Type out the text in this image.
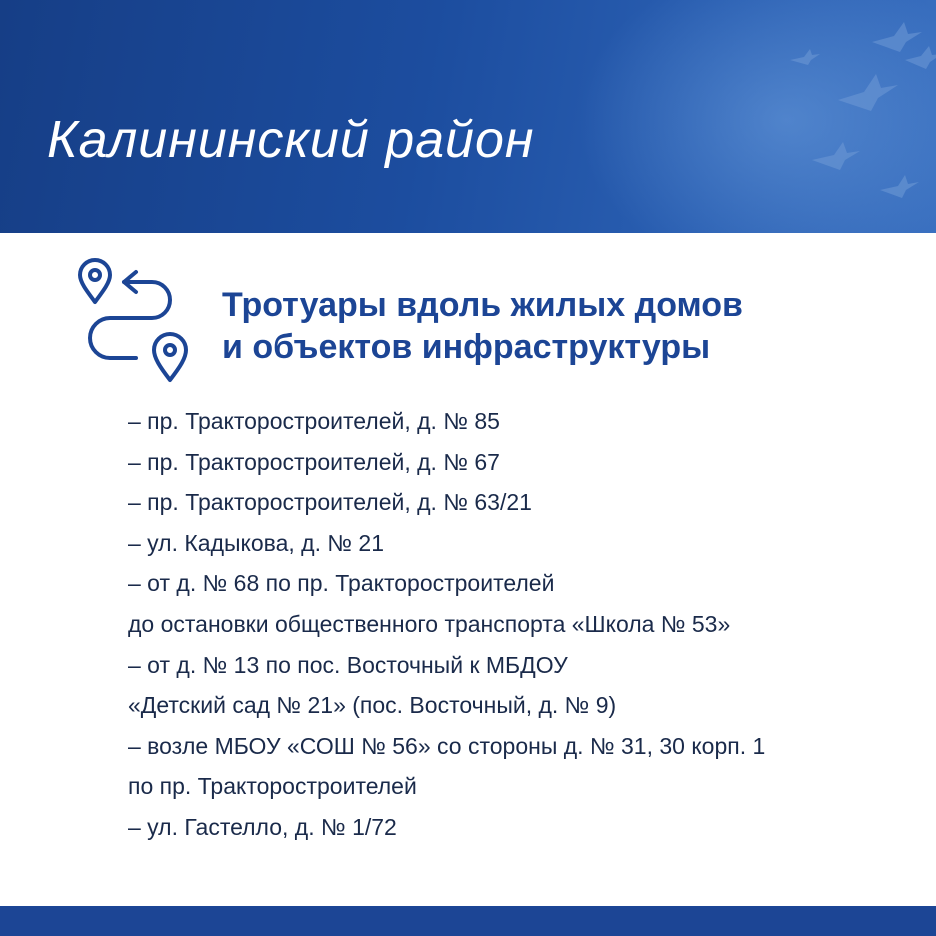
Калининский район
Тротуары вдоль жилых домов
и объектов инфраструктуры
– пр. Тракторостроителей, д. № 85
– пр. Тракторостроителей, д. № 67
– пр. Тракторостроителей, д. № 63/21
– ул. Кадыкова, д. № 21
– от д. № 68 по пр. Тракторостроителей
до остановки общественного транспорта «Школа № 53»
– от д. № 13 по пос. Восточный к МБДОУ
«Детский сад № 21» (пос. Восточный, д. № 9)
– возле МБОУ «СОШ № 56» со стороны д. № 31, 30 корп. 1
по пр. Тракторостроителей
– ул. Гастелло, д. № 1/72
